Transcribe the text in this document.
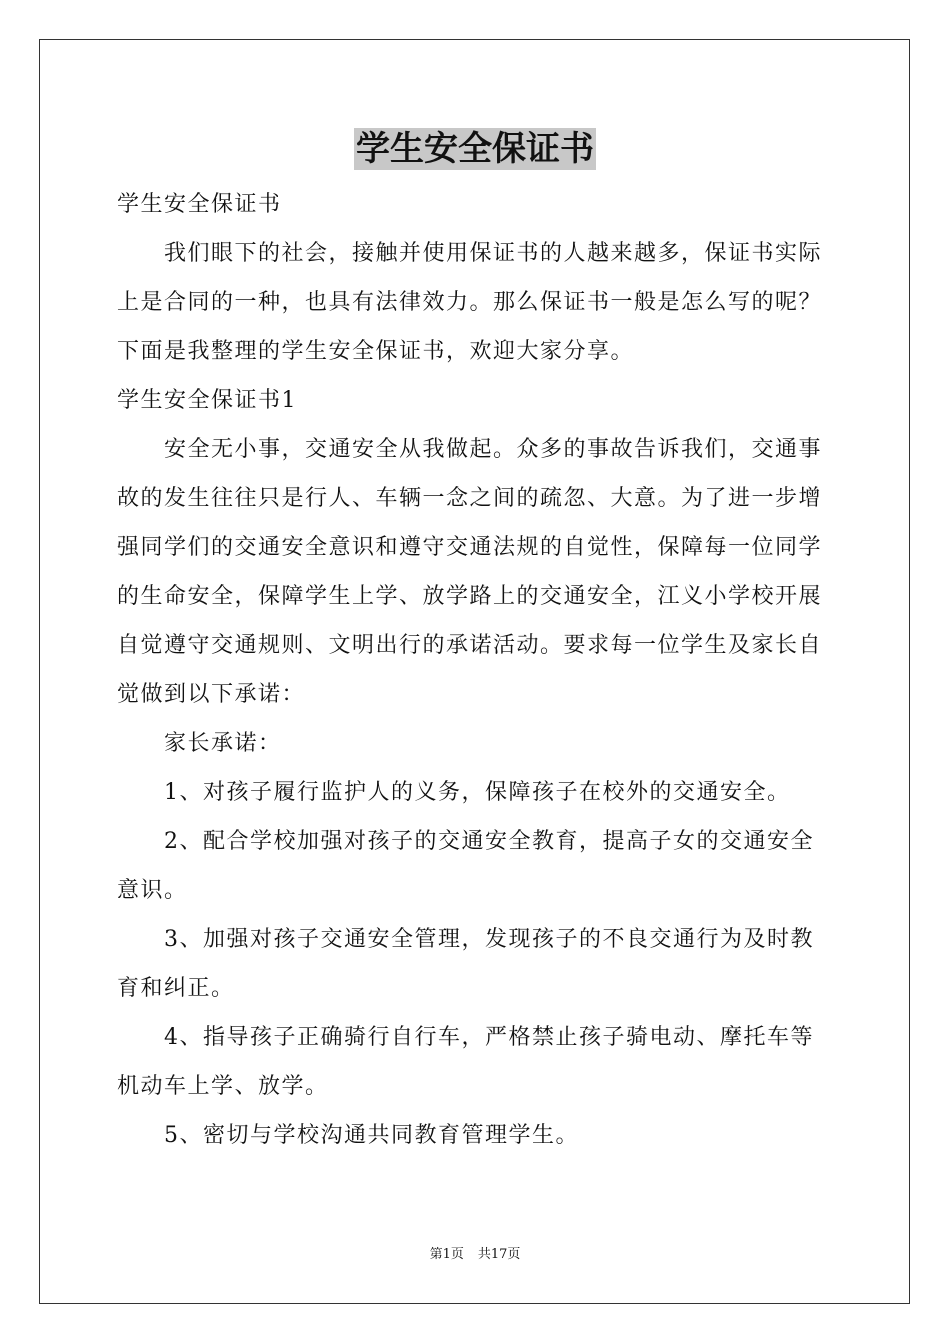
学生安全保证书

学生安全保证书

我们眼下的社会，接触并使用保证书的人越来越多，保证书实际上是合同的一种，也具有法律效力。那么保证书一般是怎么写的呢？下面是我整理的学生安全保证书，欢迎大家分享。

学生安全保证书1

安全无小事，交通安全从我做起。众多的事故告诉我们，交通事故的发生往往只是行人、车辆一念之间的疏忽、大意。为了进一步增强同学们的交通安全意识和遵守交通法规的自觉性，保障每一位同学的生命安全，保障学生上学、放学路上的交通安全，江义小学校开展自觉遵守交通规则、文明出行的承诺活动。要求每一位学生及家长自觉做到以下承诺：

家长承诺：

1、对孩子履行监护人的义务，保障孩子在校外的交通安全。

2、配合学校加强对孩子的交通安全教育，提高子女的交通安全意识。

3、加强对孩子交通安全管理，发现孩子的不良交通行为及时教育和纠正。

4、指导孩子正确骑行自行车，严格禁止孩子骑电动、摩托车等机动车上学、放学。

5、密切与学校沟通共同教育管理学生。

第1页 共17页
